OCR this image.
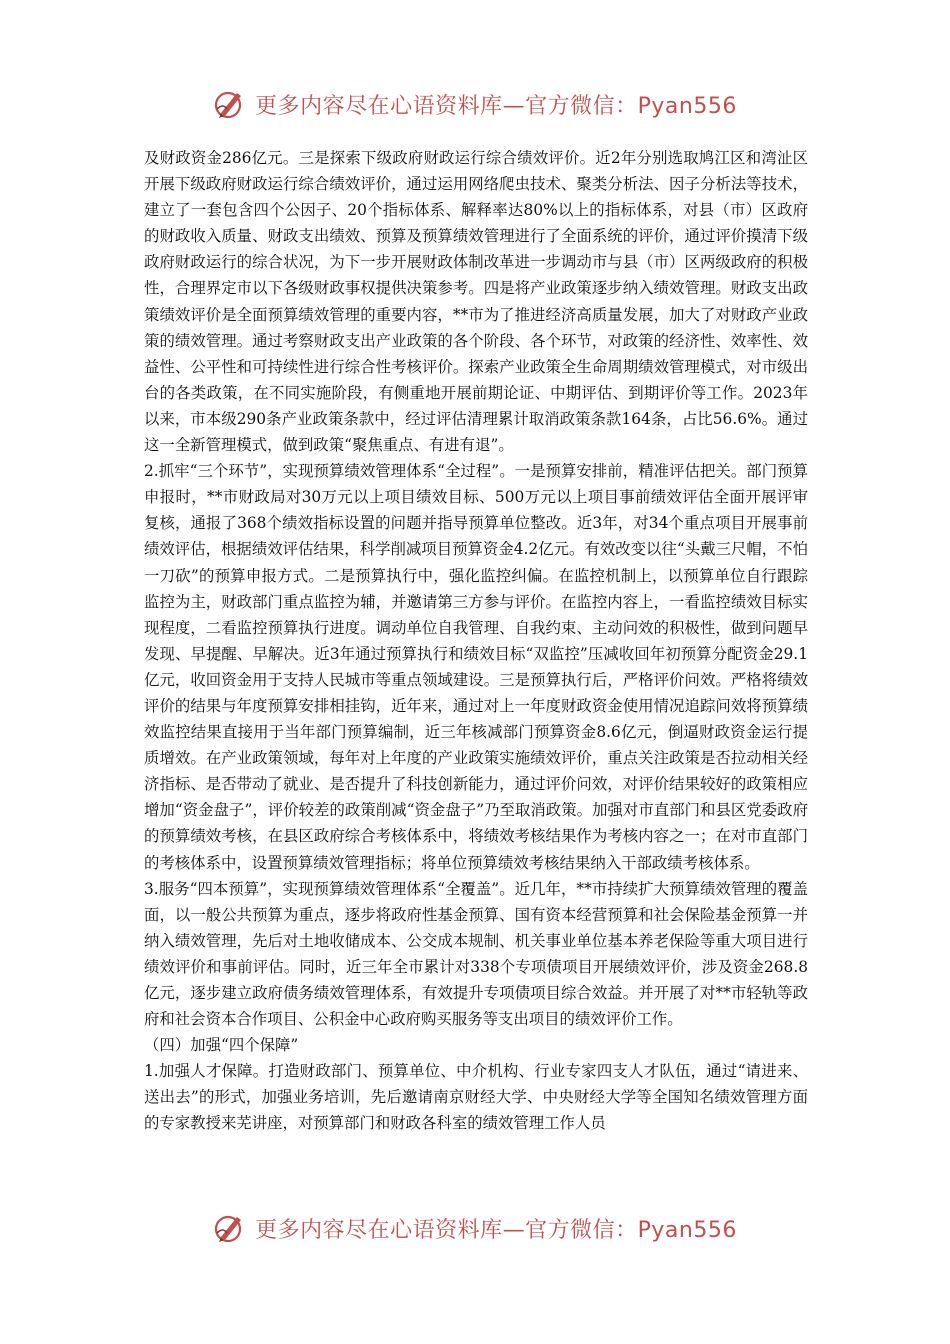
更多内容尽在心语资料库—官方微信：Pyan556

及财政资金286亿元。三是探索下级政府财政运行综合绩效评价。近2年分别选取鸠江区和湾沚区开展下级政府财政运行综合绩效评价，通过运用网络爬虫技术、聚类分析法、因子分析法等技术，建立了一套包含四个公因子、20个指标体系、解释率达80%以上的指标体系，对县（市）区政府的财政收入质量、财政支出绩效、预算及预算绩效管理进行了全面系统的评价，通过评价摸清下级政府财政运行的综合状况，为下一步开展财政体制改革进一步调动市与县（市）区两级政府的积极性，合理界定市以下各级财政事权提供决策参考。四是将产业政策逐步纳入绩效管理。财政支出政策绩效评价是全面预算绩效管理的重要内容，**市为了推进经济高质量发展，加大了对财政产业政策的绩效管理。通过考察财政支出产业政策的各个阶段、各个环节，对政策的经济性、效率性、效益性、公平性和可持续性进行综合性考核评价。探索产业政策全生命周期绩效管理模式，对市级出台的各类政策，在不同实施阶段，有侧重地开展前期论证、中期评估、到期评价等工作。2023年以来，市本级290条产业政策条款中，经过评估清理累计取消政策条款164条，占比56.6%。通过这一全新管理模式，做到政策“聚焦重点、有进有退”。

2.抓牢“三个环节”，实现预算绩效管理体系“全过程”。一是预算安排前，精准评估把关。部门预算申报时，**市财政局对30万元以上项目绩效目标、500万元以上项目事前绩效评估全面开展评审复核，通报了368个绩效指标设置的问题并指导预算单位整改。近3年，对34个重点项目开展事前绩效评估，根据绩效评估结果，科学削减项目预算资金4.2亿元。有效改变以往“头戴三尺帽，不怕一刀砍”的预算申报方式。二是预算执行中，强化监控纠偏。在监控机制上，以预算单位自行跟踪监控为主，财政部门重点监控为辅，并邀请第三方参与评价。在监控内容上，一看监控绩效目标实现程度，二看监控预算执行进度。调动单位自我管理、自我约束、主动问效的积极性，做到问题早发现、早提醒、早解决。近3年通过预算执行和绩效目标“双监控”压减收回年初预算分配资金29.1亿元，收回资金用于支持人民城市等重点领域建设。三是预算执行后，严格评价问效。严格将绩效评价的结果与年度预算安排相挂钩，近年来，通过对上一年度财政资金使用情况追踪问效将预算绩效监控结果直接用于当年部门预算编制，近三年核减部门预算资金8.6亿元，倒逼财政资金运行提质增效。在产业政策领域，每年对上年度的产业政策实施绩效评价，重点关注政策是否拉动相关经济指标、是否带动了就业、是否提升了科技创新能力，通过评价问效，对评价结果较好的政策相应增加“资金盘子”，评价较差的政策削减“资金盘子”乃至取消政策。加强对市直部门和县区党委政府的预算绩效考核，在县区政府综合考核体系中，将绩效考核结果作为考核内容之一；在对市直部门的考核体系中，设置预算绩效管理指标；将单位预算绩效考核结果纳入干部政绩考核体系。

3.服务“四本预算”，实现预算绩效管理体系“全覆盖”。近几年，**市持续扩大预算绩效管理的覆盖面，以一般公共预算为重点，逐步将政府性基金预算、国有资本经营预算和社会保险基金预算一并纳入绩效管理，先后对土地收储成本、公交成本规制、机关事业单位基本养老保险等重大项目进行绩效评价和事前评估。同时，近三年全市累计对338个专项债项目开展绩效评价，涉及资金268.8亿元，逐步建立政府债务绩效管理体系，有效提升专项债项目综合效益。并开展了对**市轻轨等政府和社会资本合作项目、公积金中心政府购买服务等支出项目的绩效评价工作。

（四）加强“四个保障”

1.加强人才保障。打造财政部门、预算单位、中介机构、行业专家四支人才队伍，通过“请进来、送出去”的形式，加强业务培训，先后邀请南京财经大学、中央财经大学等全国知名绩效管理方面的专家教授来芜讲座，对预算部门和财政各科室的绩效管理工作人员

更多内容尽在心语资料库—官方微信：Pyan556
